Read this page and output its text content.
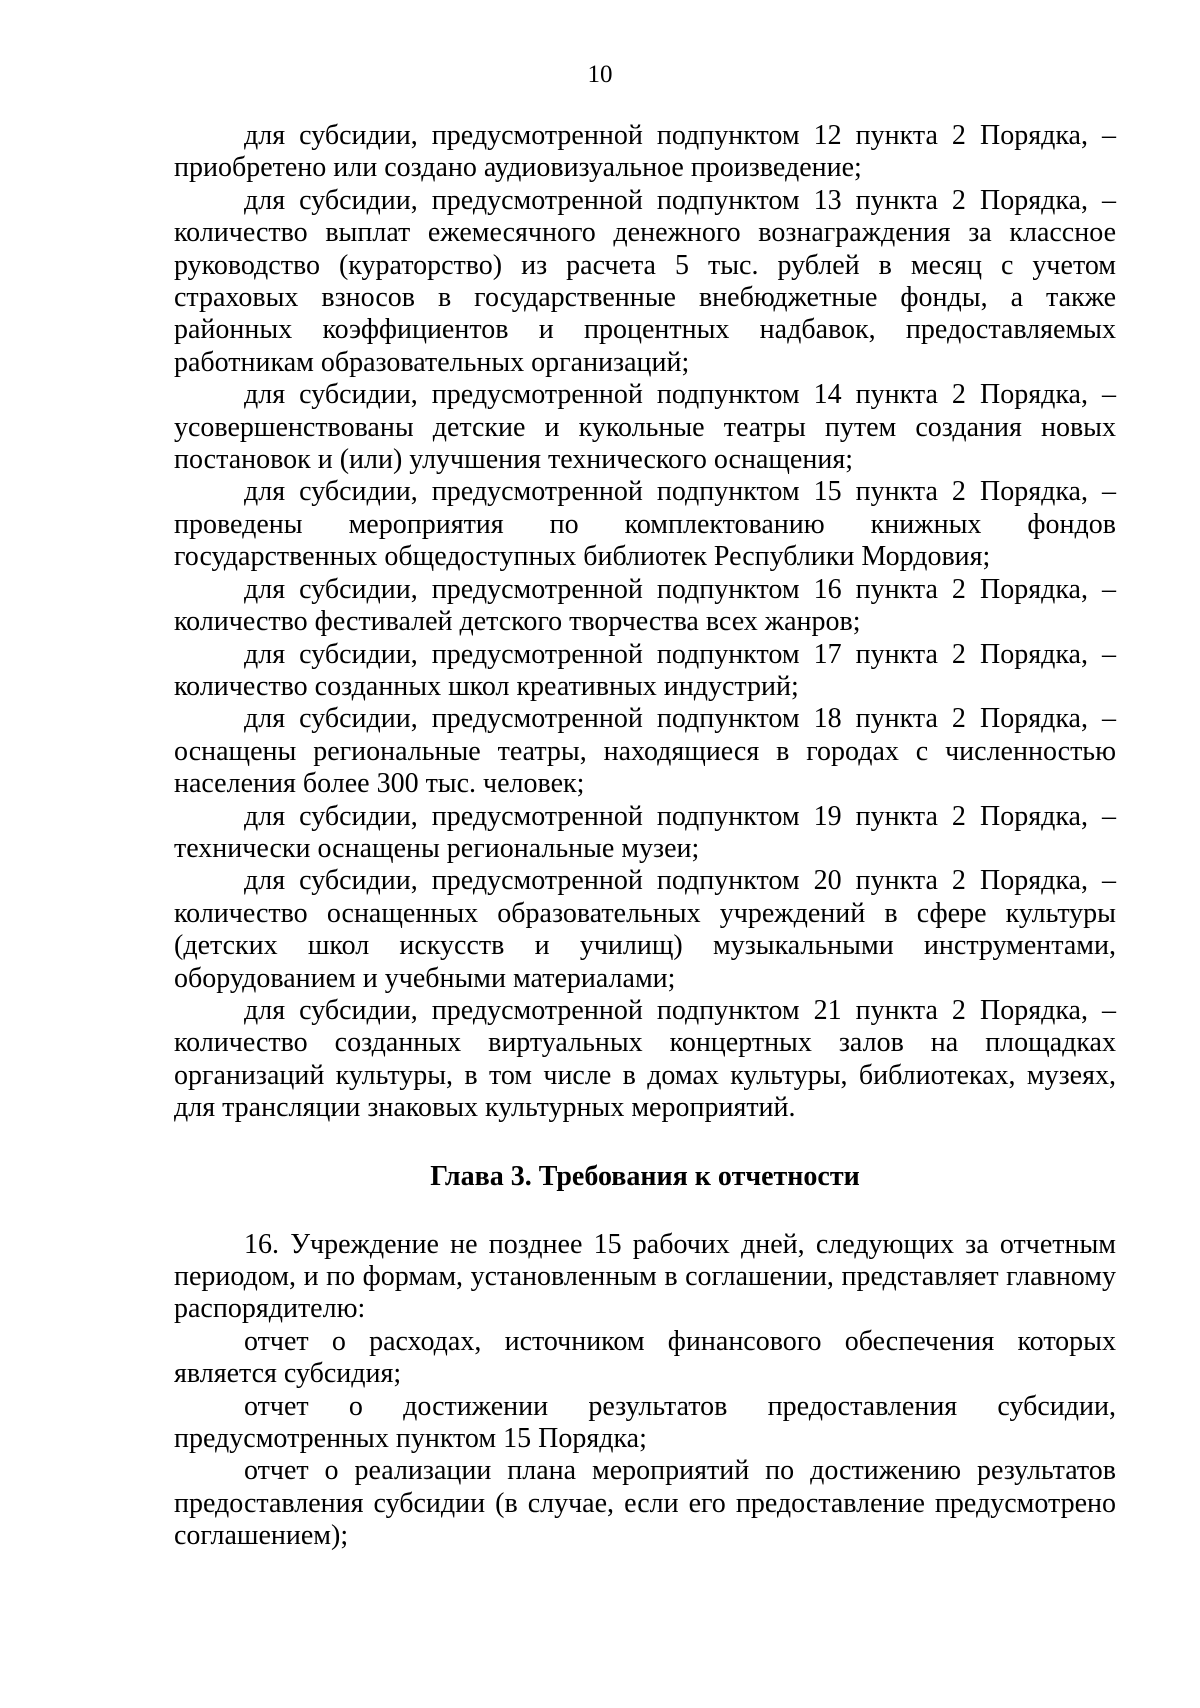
10

для субсидии, предусмотренной подпунктом 12 пункта 2 Порядка, – приобретено или создано аудиовизуальное произведение;

для субсидии, предусмотренной подпунктом 13 пункта 2 Порядка, – количество выплат ежемесячного денежного вознаграждения за классное руководство (кураторство) из расчета 5 тыс. рублей в месяц с учетом страховых взносов в государственные внебюджетные фонды, а также районных коэффициентов и процентных надбавок, предоставляемых работникам образовательных организаций;

для субсидии, предусмотренной подпунктом 14 пункта 2 Порядка, – усовершенствованы детские и кукольные театры путем создания новых постановок и (или) улучшения технического оснащения;

для субсидии, предусмотренной подпунктом 15 пункта 2 Порядка, – проведены мероприятия по комплектованию книжных фондов государственных общедоступных библиотек Республики Мордовия;

для субсидии, предусмотренной подпунктом 16 пункта 2 Порядка, – количество фестивалей детского творчества всех жанров;

для субсидии, предусмотренной подпунктом 17 пункта 2 Порядка, – количество созданных школ креативных индустрий;

для субсидии, предусмотренной подпунктом 18 пункта 2 Порядка, – оснащены региональные театры, находящиеся в городах с численностью населения более 300 тыс. человек;

для субсидии, предусмотренной подпунктом 19 пункта 2 Порядка, – технически оснащены региональные музеи;

для субсидии, предусмотренной подпунктом 20 пункта 2 Порядка, – количество оснащенных образовательных учреждений в сфере культуры (детских школ искусств и училищ) музыкальными инструментами, оборудованием и учебными материалами;

для субсидии, предусмотренной подпунктом 21 пункта 2 Порядка, – количество созданных виртуальных концертных залов на площадках организаций культуры, в том числе в домах культуры, библиотеках, музеях, для трансляции знаковых культурных мероприятий.

Глава 3. Требования к отчетности

16. Учреждение не позднее 15 рабочих дней, следующих за отчетным периодом, и по формам, установленным в соглашении, представляет главному распорядителю:

отчет о расходах, источником финансового обеспечения которых является субсидия;

отчет о достижении результатов предоставления субсидии, предусмотренных пунктом 15 Порядка;

отчет о реализации плана мероприятий по достижению результатов предоставления субсидии (в случае, если его предоставление предусмотрено соглашением);
